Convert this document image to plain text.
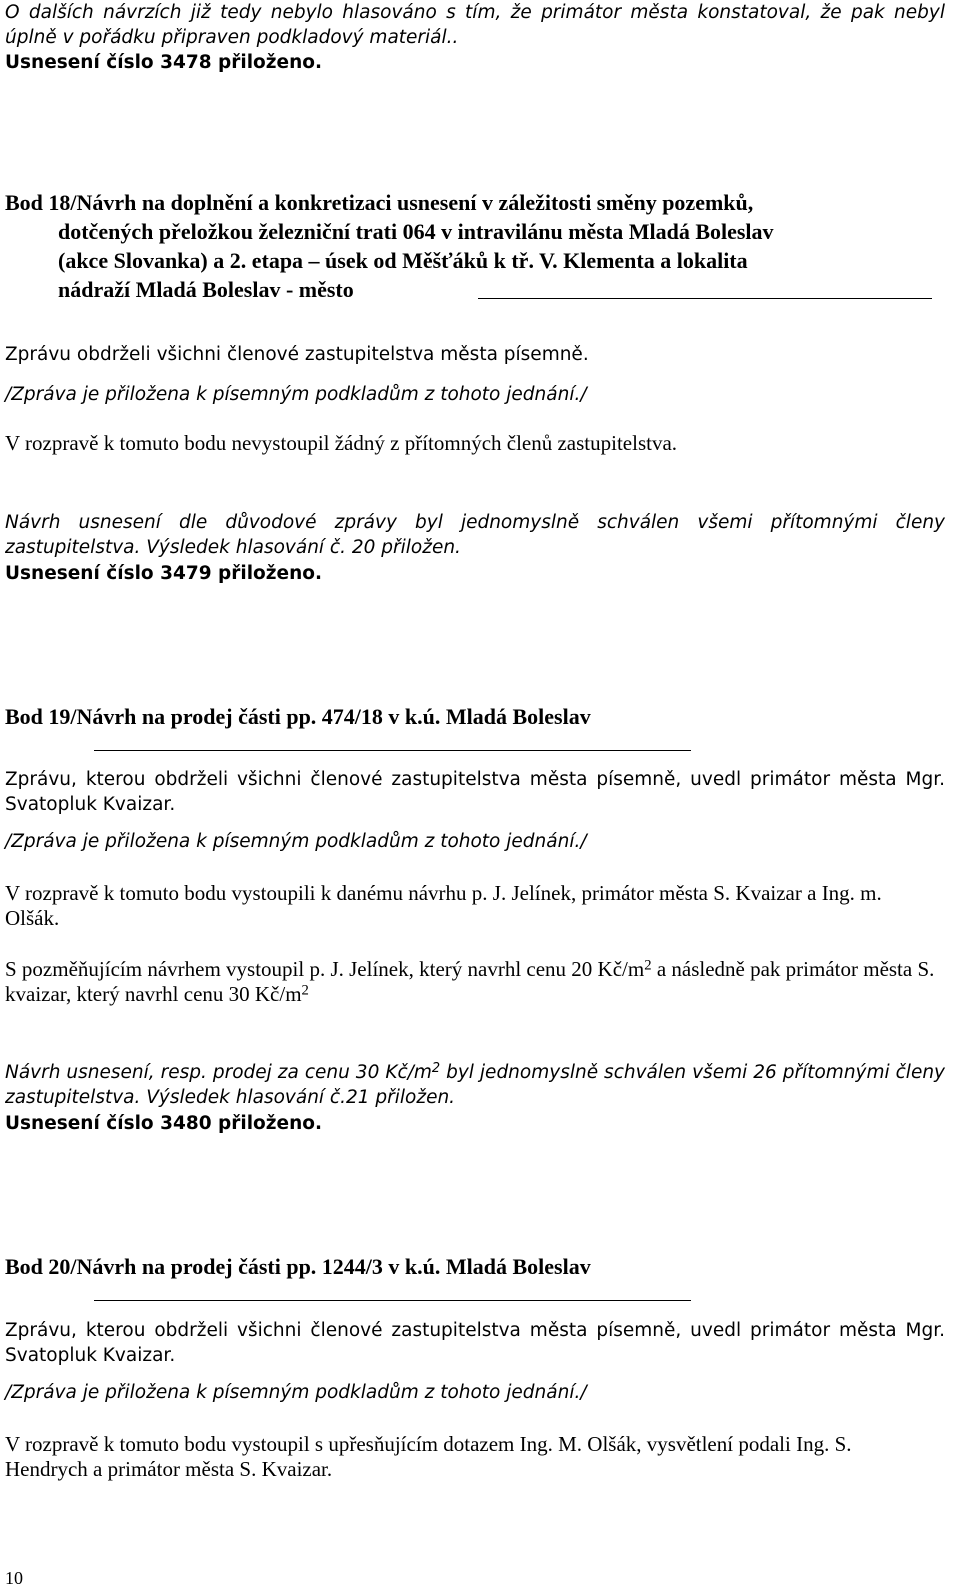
O dalších návrzích již tedy nebylo hlasováno s tím, že primátor města konstatoval, že pak nebyl úplně v pořádku připraven podkladový materiál..

Usnesení číslo 3478 přiloženo.

Bod 18/Návrh na doplnění a konkretizaci usnesení v záležitosti směny pozemků,
dotčených přeložkou železniční trati 064 v intravilánu města Mladá Boleslav
(akce Slovanka) a 2. etapa – úsek od Měšťáků k tř. V. Klementa a lokalita
nádraží Mladá Boleslav - město

Zprávu obdrželi všichni členové zastupitelstva města písemně.

/Zpráva je přiložena k písemným podkladům z tohoto jednání./

V rozpravě k tomuto bodu nevystoupil žádný z přítomných členů zastupitelstva.

Návrh usnesení dle důvodové zprávy byl jednomyslně schválen všemi přítomnými členy zastupitelstva. Výsledek hlasování č. 20 přiložen.

Usnesení číslo 3479 přiloženo.

Bod 19/Návrh na prodej části pp. 474/18 v k.ú. Mladá Boleslav

Zprávu, kterou obdrželi všichni členové zastupitelstva města písemně, uvedl primátor města Mgr. Svatopluk Kvaizar.

/Zpráva je přiložena k písemným podkladům z tohoto jednání./

V rozpravě k tomuto bodu vystoupili k danému návrhu p. J. Jelínek, primátor města S. Kvaizar a Ing. m. Olšák.

S pozměňujícím návrhem vystoupil p. J. Jelínek, který navrhl cenu 20 $Kč/m^2$ a následně pak primátor města S. kvaizar, který navrhl cenu 30 $Kč/m^2$

Návrh usnesení, resp. prodej za cenu 30 $Kč/m^2$ byl jednomyslně schválen všemi 26 přítomnými členy zastupitelstva. Výsledek hlasování č.21 přiložen.

Usnesení číslo 3480 přiloženo.

Bod 20/Návrh na prodej části pp. 1244/3 v k.ú. Mladá Boleslav

Zprávu, kterou obdrželi všichni členové zastupitelstva města písemně, uvedl primátor města Mgr. Svatopluk Kvaizar.

/Zpráva je přiložena k písemným podkladům z tohoto jednání./

V rozpravě k tomuto bodu vystoupil s upřesňujícím dotazem Ing. M. Olšák, vysvětlení podali Ing. S. Hendrych a primátor města S. Kvaizar.

10
